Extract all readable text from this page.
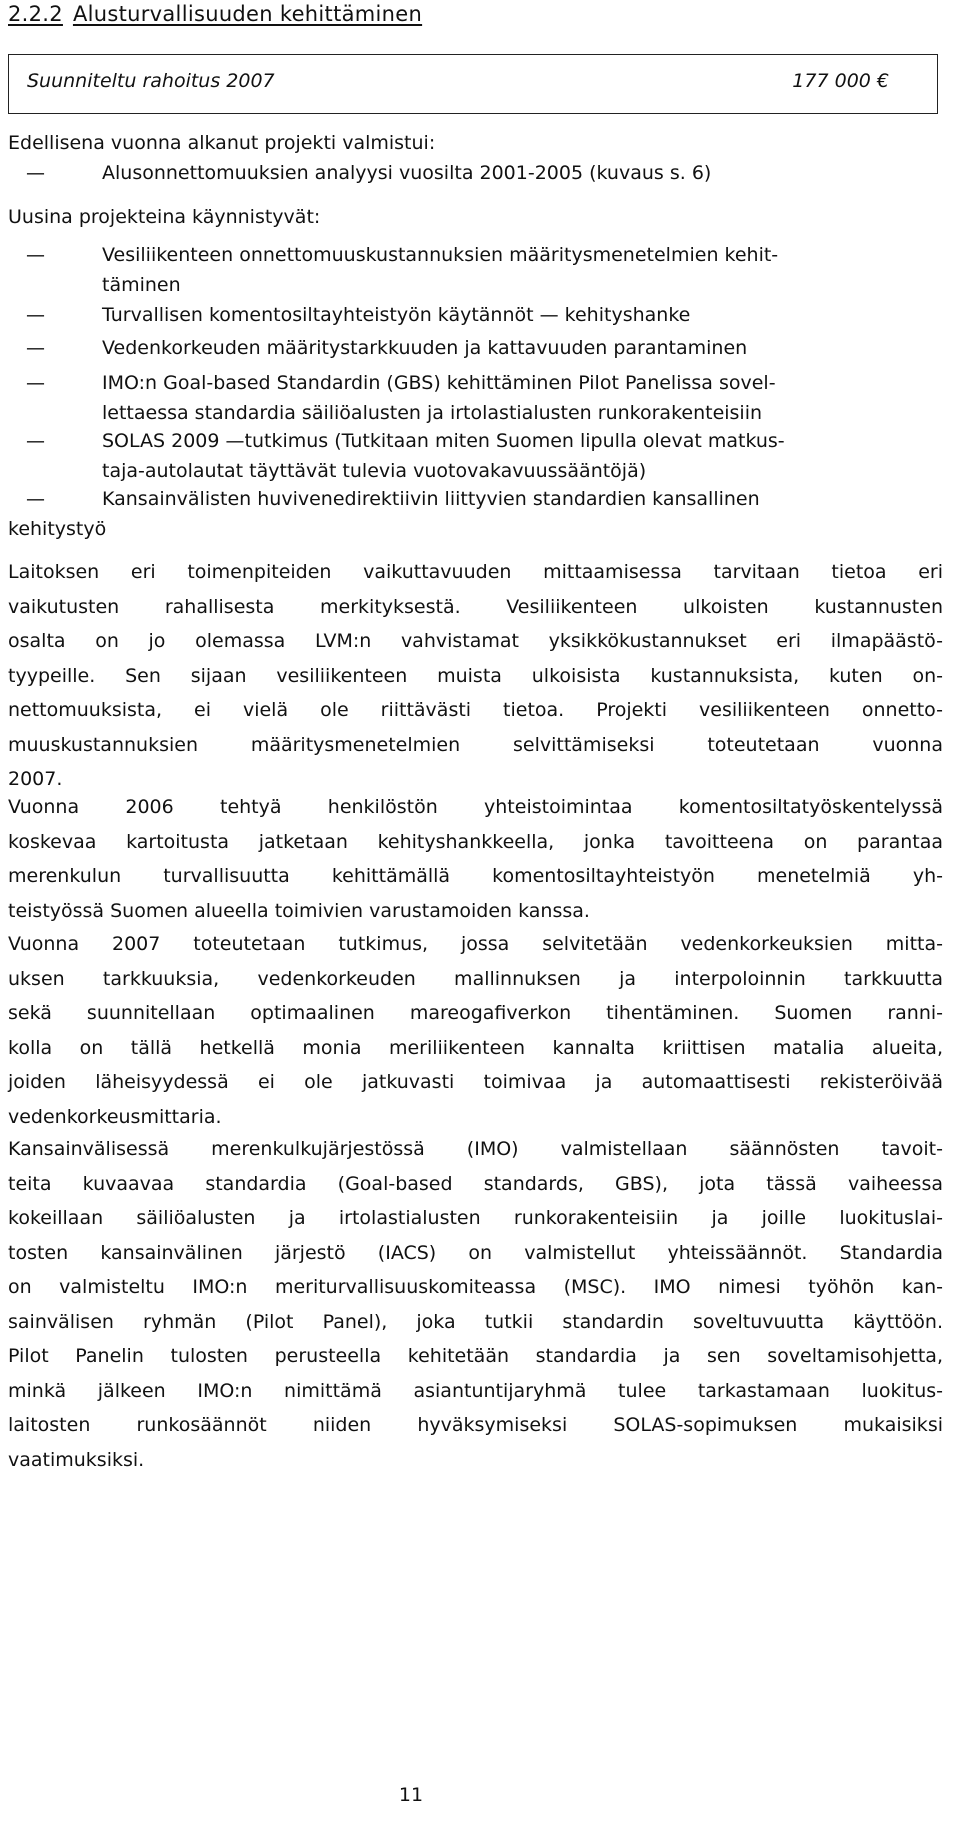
2.2.2 Alusturvallisuuden kehittäminen
Suunniteltu rahoitus 2007	177 000 €

Edellisena vuonna alkanut projekti valmistui:

—	Alusonnettomuuksien analyysi vuosilta 2001-2005 (kuvaus s. 6)

Uusina projekteina käynnistyvät:

—	Vesiliikenteen onnettomuuskustannuksien määritysmenetelmien kehit-
täminen
—	Turvallisen komentosiltayhteistyön käytännöt — kehityshanke
—	Vedenkorkeuden määritystarkkuuden ja kattavuuden parantaminen
—	IMO:n Goal-based Standardin (GBS) kehittäminen Pilot Panelissa sovel-
lettaessa standardia säiliöalusten ja irtolastialusten runkorakenteisiin
—	SOLAS 2009 —tutkimus (Tutkitaan miten Suomen lipulla olevat matkus-
taja-autolautat täyttävät tulevia vuotovakavuussääntöjä)
—	Kansainvälisten huvivenedirektiivin liittyvien standardien kansallinen
kehitystyö
Laitoksen eri toimenpiteiden vaikuttavuuden mittaamisessa tarvitaan tietoa eri
vaikutusten rahallisesta merkityksestä. Vesiliikenteen ulkoisten kustannusten
osalta on jo olemassa LVM:n vahvistamat yksikkökustannukset eri ilmapäästö-
tyypeille. Sen sijaan vesiliikenteen muista ulkoisista kustannuksista, kuten on-
nettomuuksista, ei vielä ole riittävästi tietoa. Projekti vesiliikenteen onnetto-
muuskustannuksien määritysmenetelmien selvittämiseksi toteutetaan vuonna
2007.
Vuonna 2006 tehtyä henkilöstön yhteistoimintaa komentosiltatyöskentelyssä
koskevaa kartoitusta jatketaan kehityshankkeella, jonka tavoitteena on parantaa
merenkulun turvallisuutta kehittämällä komentosiltayhteistyön menetelmiä yh-
teistyössä Suomen alueella toimivien varustamoiden kanssa.
Vuonna 2007 toteutetaan tutkimus, jossa selvitetään vedenkorkeuksien mitta-
uksen tarkkuuksia, vedenkorkeuden mallinnuksen ja interpoloinnin tarkkuutta
sekä suunnitellaan optimaalinen mareogafiverkon tihentäminen. Suomen ranni-
kolla on tällä hetkellä monia meriliikenteen kannalta kriittisen matalia alueita,
joiden läheisyydessä ei ole jatkuvasti toimivaa ja automaattisesti rekisteröivää
vedenkorkeusmittaria.
Kansainvälisessä merenkulkujärjestössä (IMO) valmistellaan säännösten tavoit-
teita kuvaavaa standardia (Goal-based standards, GBS), jota tässä vaiheessa
kokeillaan säiliöalusten ja irtolastialusten runkorakenteisiin ja joille luokituslai-
tosten kansainvälinen järjestö (IACS) on valmistellut yhteissäännöt. Standardia
on valmisteltu IMO:n meriturvallisuuskomiteassa (MSC). IMO nimesi työhön kan-
sainvälisen ryhmän (Pilot Panel), joka tutkii standardin soveltuvuutta käyttöön.
Pilot Panelin tulosten perusteella kehitetään standardia ja sen soveltamisohjetta,
minkä jälkeen IMO:n nimittämä asiantuntijaryhmä tulee tarkastamaan luokitus-
laitosten runkosäännöt niiden hyväksymiseksi SOLAS-sopimuksen mukaisiksi
vaatimuksiksi.
11
